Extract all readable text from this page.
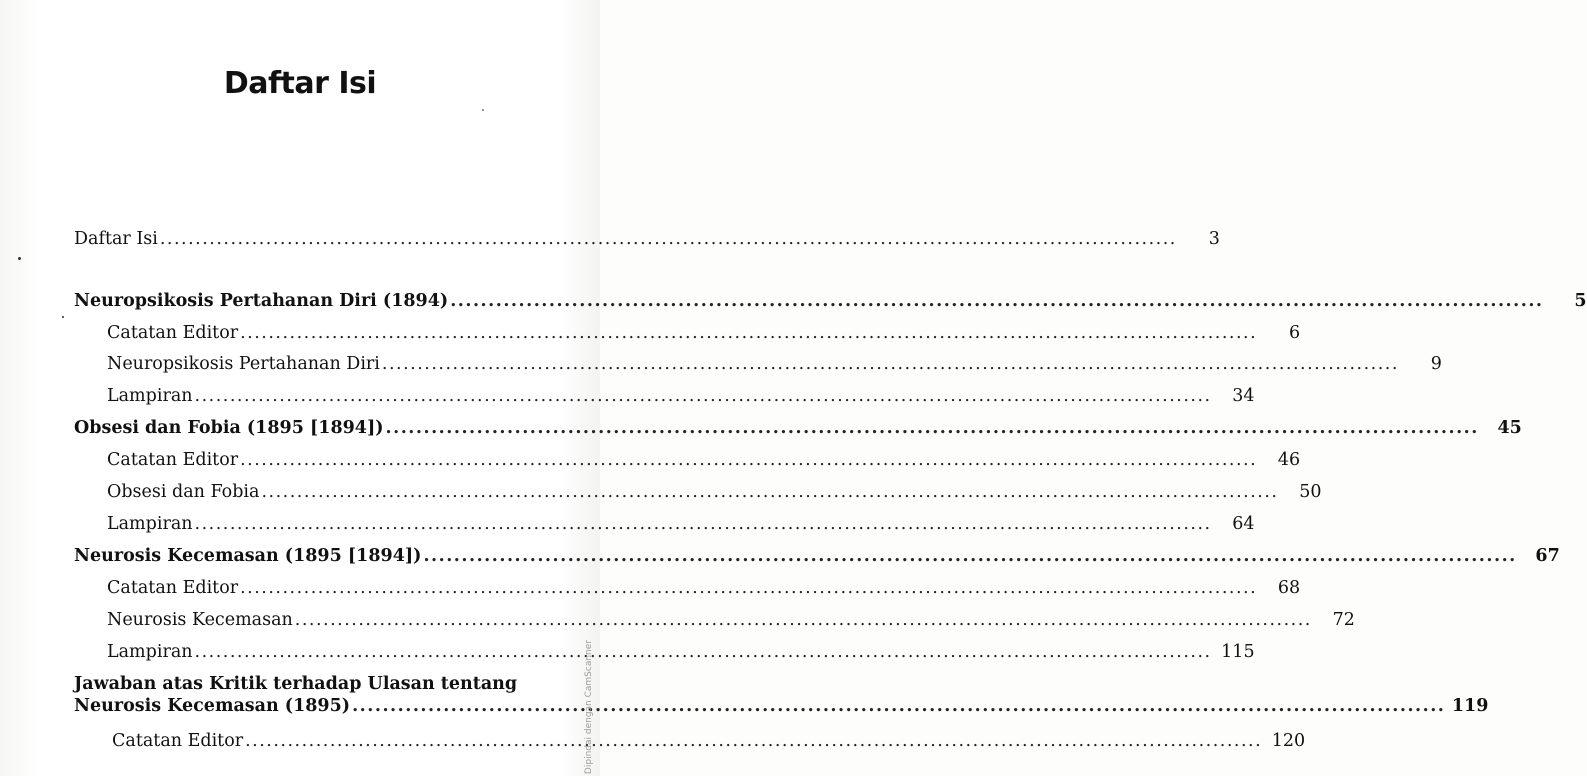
Daftar Isi
Daftar Isi ................................................................................................................................................	3
Neuropsikosis Pertahanan Diri (1894) ................................................................................................................................................	5
Catatan Editor ................................................................................................................................................	6
Neuropsikosis Pertahanan Diri ................................................................................................................................................	9
Lampiran ................................................................................................................................................	34
Obsesi dan Fobia (1895 [1894]) ................................................................................................................................................	45
Catatan Editor ................................................................................................................................................	46
Obsesi dan Fobia ................................................................................................................................................	50
Lampiran ................................................................................................................................................	64
Neurosis Kecemasan (1895 [1894]) ................................................................................................................................................	67
Catatan Editor ................................................................................................................................................	68
Neurosis Kecemasan ................................................................................................................................................	72
Lampiran ................................................................................................................................................ 115
Jawaban atas Kritik terhadap Ulasan tentang
Neurosis Kecemasan (1895) ................................................................................................................................................ 119
Catatan Editor ................................................................................................................................................ 120
Dipindai dengan CamScanner
